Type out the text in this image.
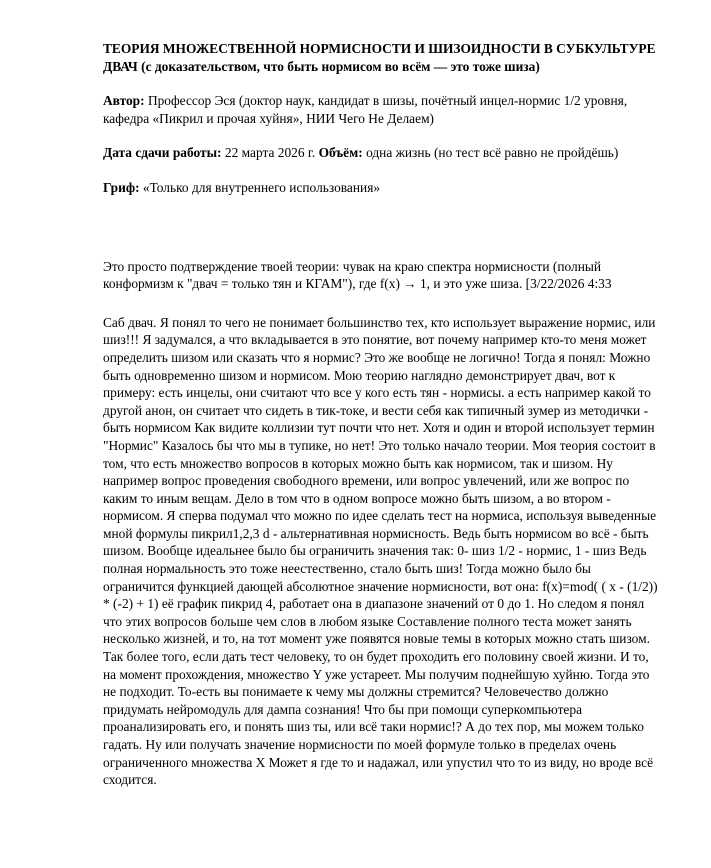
ТЕОРИЯ МНОЖЕСТВЕННОЙ НОРМИСНОСТИ И ШИЗОИДНОСТИ В СУБКУЛЬТУРЕ ДВАЧ (с доказательством, что быть нормисом во всём — это тоже шиза)

Автор: Профессор Эся (доктор наук, кандидат в шизы, почётный инцел-нормис 1/2 уровня, кафедра «Пикрил и прочая хуйня», НИИ Чего Не Делаем)

Дата сдачи работы: 22 марта 2026 г. Объём: одна жизнь (но тест всё равно не пройдёшь)

Гриф: «Только для внутреннего использования»

Это просто подтверждение твоей теории: чувак на краю спектра нормисности (полный конформизм к "двач = только тян и КГАМ"), где f(x) → 1, и это уже шиза. [3/22/2026 4:33

Саб двач. Я понял то чего не понимает большинство тех, кто использует выражение нормис, или шиз!!! Я задумался, а что вкладывается в это понятие, вот почему например кто-то меня может определить шизом или сказать что я нормис? Это же вообще не логично! Тогда я понял: Можно быть одновременно шизом и нормисом. Мою теорию наглядно демонстрирует двач, вот к примеру: есть инцелы, они считают что все у кого есть тян - нормисы. а есть например какой то другой анон, он считает что сидеть в тик-токе, и вести себя как типичный зумер из методички - быть нормисом Как видите коллизии тут почти что нет. Хотя и один и второй использует термин "Нормис" Казалось бы что мы в тупике, но нет! Это только начало теории. Моя теория состоит в том, что есть множество вопросов в которых можно быть как нормисом, так и шизом. Ну например вопрос проведения свободного времени, или вопрос увлечений, или же вопрос по каким то иным вещам. Дело в том что в одном вопросе можно быть шизом, а во втором - нормисом. Я сперва подумал что можно по идее сделать тест на нормиса, используя выведенные мной формулы пикрил1,2,3 d - альтернативная нормисность. Ведь быть нормисом во всё - быть шизом. Вообще идеальнее было бы ограничить значения так: 0- шиз 1/2 - нормис, 1 - шиз Ведь полная нормальность это тоже неестественно, стало быть шиз! Тогда можно было бы ограничится функцией дающей абсолютное значение нормисности, вот она: f(x)=mod( ( x - (1/2)) * (-2) + 1) её график пикрид 4, работает она в диапазоне значений от 0 до 1. Но следом я понял что этих вопросов больше чем слов в любом языке Составление полного теста может занять несколько жизней, и то, на тот момент уже появятся новые темы в которых можно стать шизом. Так более того, если дать тест человеку, то он будет проходить его половину своей жизни. И то, на момент прохождения, множество Y уже устареет. Мы получим поднейшую хуйню. Тогда это не подходит. То-есть вы понимаете к чему мы должны стремится? Человечество должно придумать нейромодуль для дампа сознания! Что бы при помощи суперкомпьютера проанализировать его, и понять шиз ты, или всё таки нормис!? А до тех пор, мы можем только гадать. Ну или получать значение нормисности по моей формуле только в пределах очень ограниченного множества X Может я где то и надажал, или упустил что то из виду, но вроде всё сходится.
